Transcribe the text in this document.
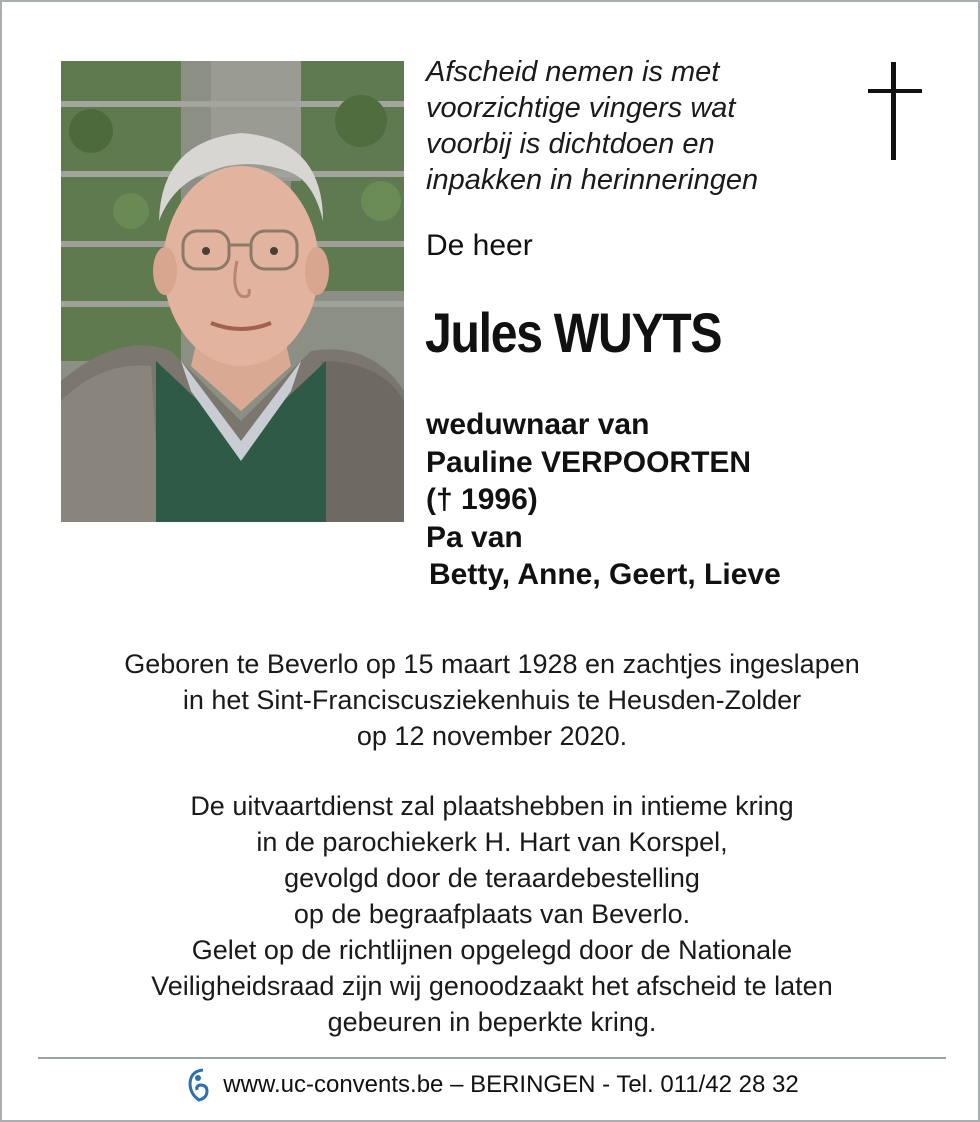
Afscheid nemen is met
voorzichtige vingers wat
voorbij is dichtdoen en
inpakken in herinneringen
De heer
Jules WUYTS
weduwnaar van
Pauline VERPOORTEN
(† 1996)
Pa van
Betty, Anne, Geert, Lieve
Geboren te Beverlo op 15 maart 1928 en zachtjes ingeslapen
in het Sint-Franciscusziekenhuis te Heusden-Zolder
op 12 november 2020.
De uitvaartdienst zal plaatshebben in intieme kring
in de parochiekerk H. Hart van Korspel,
gevolgd door de teraardebestelling
op de begraafplaats van Beverlo.
Gelet op de richtlijnen opgelegd door de Nationale
Veiligheidsraad zijn wij genoodzaakt het afscheid te laten
gebeuren in beperkte kring.
www.uc-convents.be – BERINGEN - Tel. 011/42 28 32
